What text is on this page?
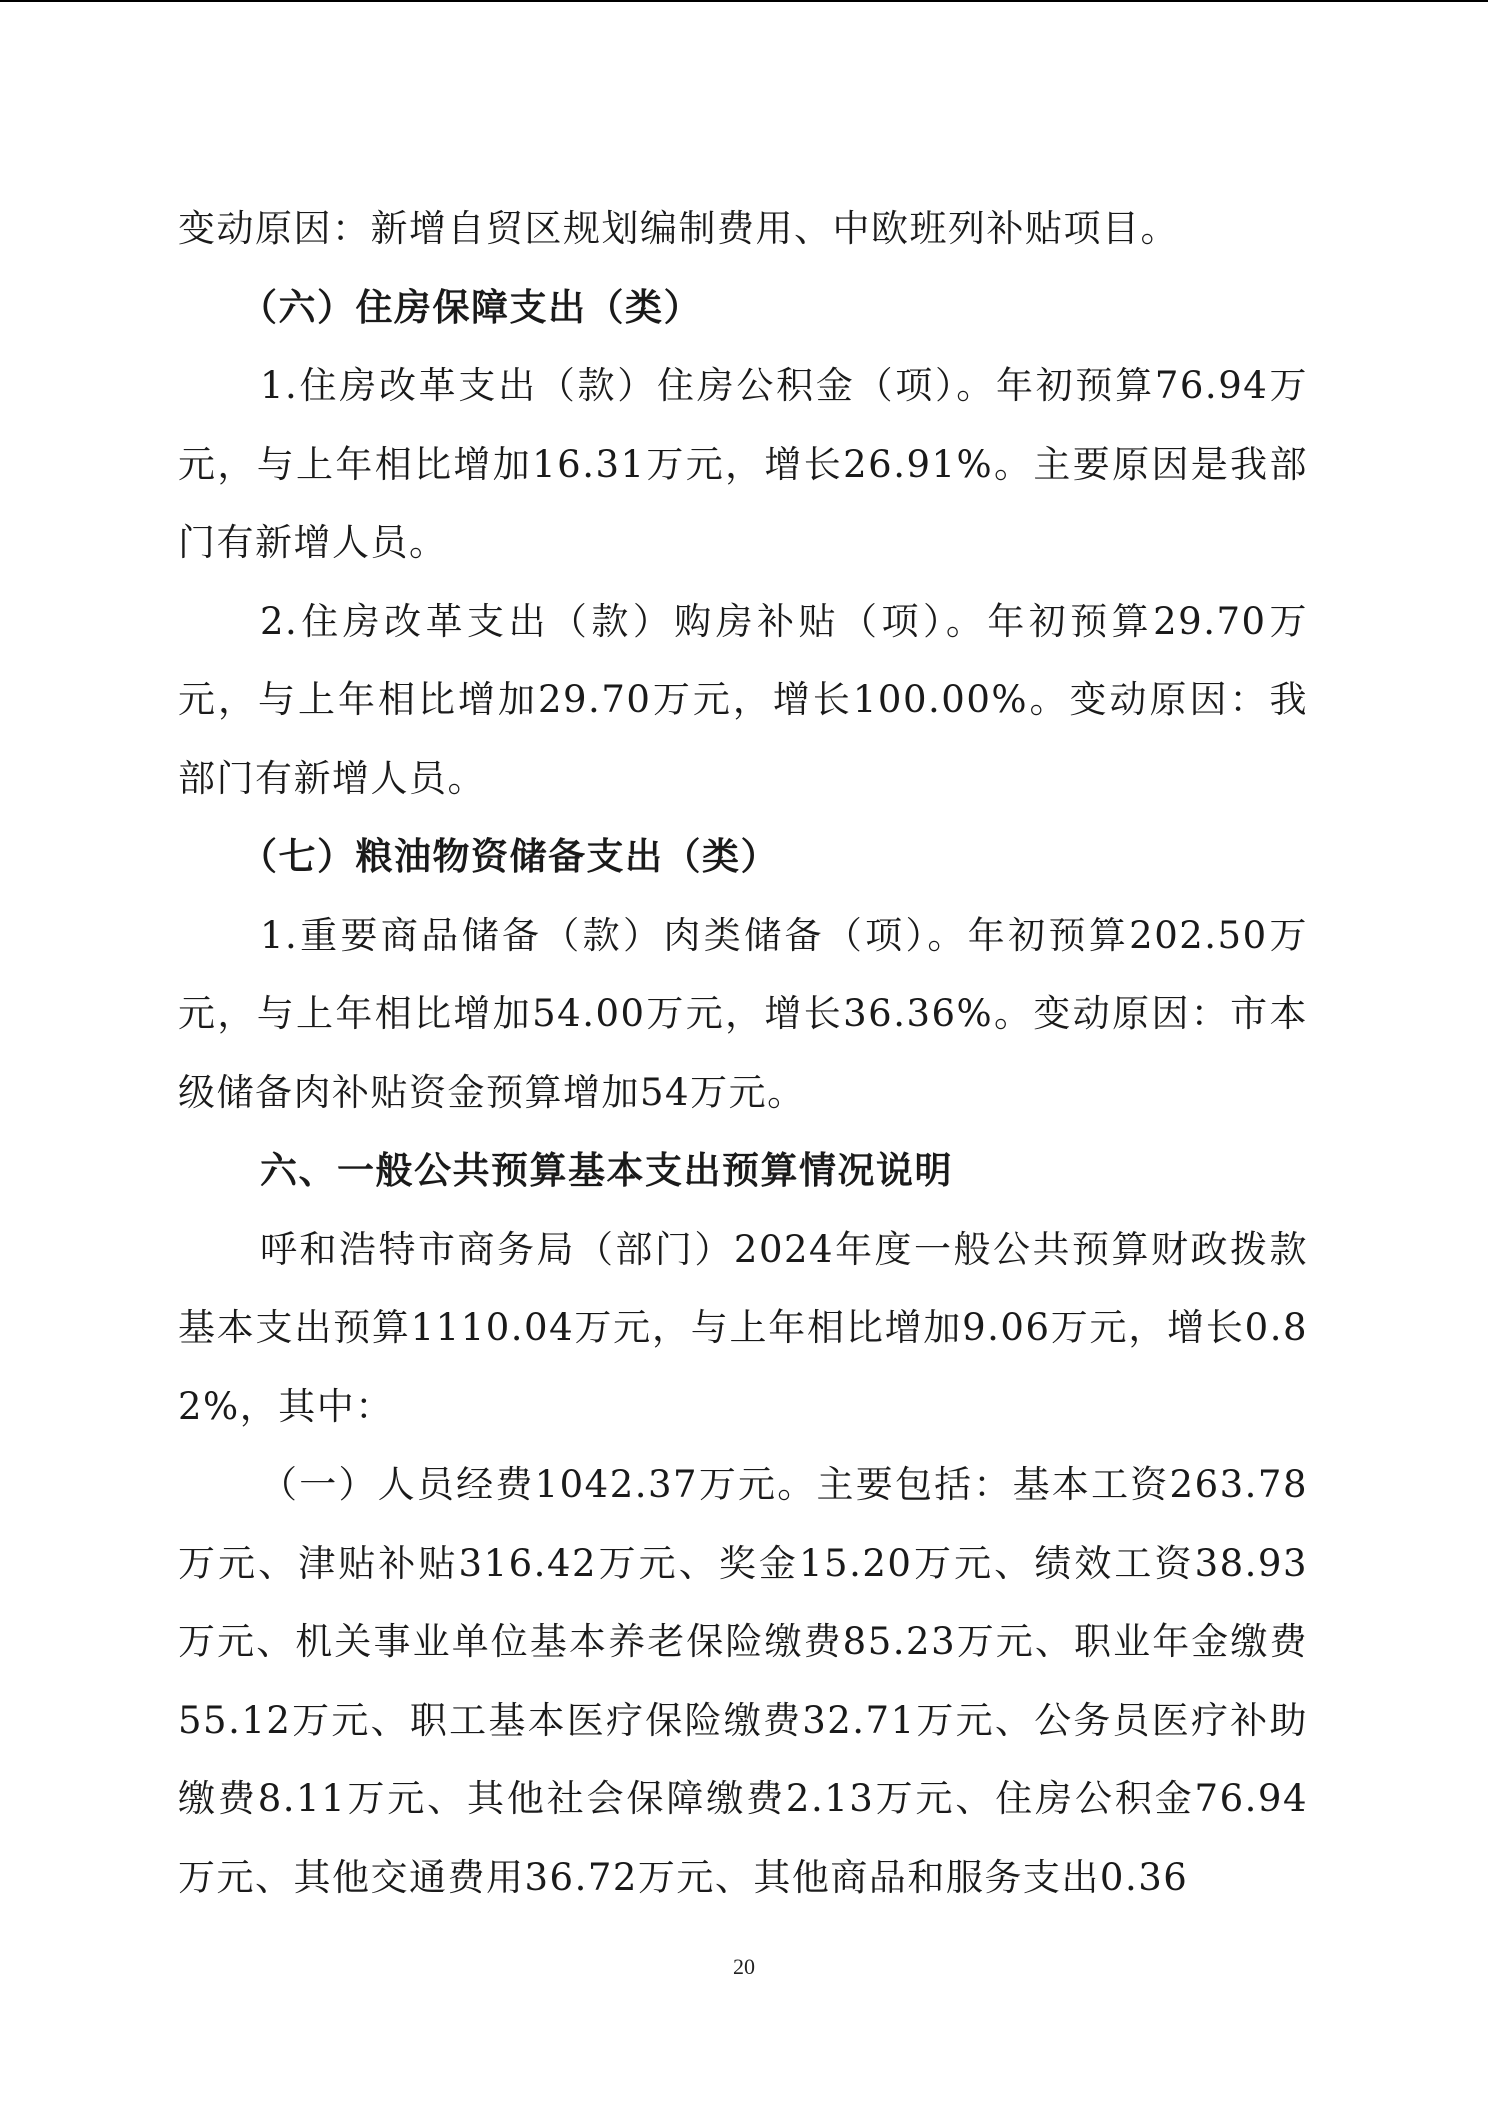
变动原因：新增自贸区规划编制费用、中欧班列补贴项目。

（六）住房保障支出（类）

1.住房改革支出（款）住房公积金（项）。年初预算76.94万元，与上年相比增加16.31万元，增长26.91%。主要原因是我部门有新增人员。

2.住房改革支出（款）购房补贴（项）。年初预算29.70万元，与上年相比增加29.70万元，增长100.00%。变动原因：我部门有新增人员。

（七）粮油物资储备支出（类）

1.重要商品储备（款）肉类储备（项）。年初预算202.50万元，与上年相比增加54.00万元，增长36.36%。变动原因：市本级储备肉补贴资金预算增加54万元。

六、一般公共预算基本支出预算情况说明

呼和浩特市商务局（部门）2024年度一般公共预算财政拨款基本支出预算1110.04万元，与上年相比增加9.06万元，增长0.82%，其中：

（一）人员经费1042.37万元。主要包括：基本工资263.78万元、津贴补贴316.42万元、奖金15.20万元、绩效工资38.93万元、机关事业单位基本养老保险缴费85.23万元、职业年金缴费55.12万元、职工基本医疗保险缴费32.71万元、公务员医疗补助缴费8.11万元、其他社会保障缴费2.13万元、住房公积金76.94万元、其他交通费用36.72万元、其他商品和服务支出0.36

20
